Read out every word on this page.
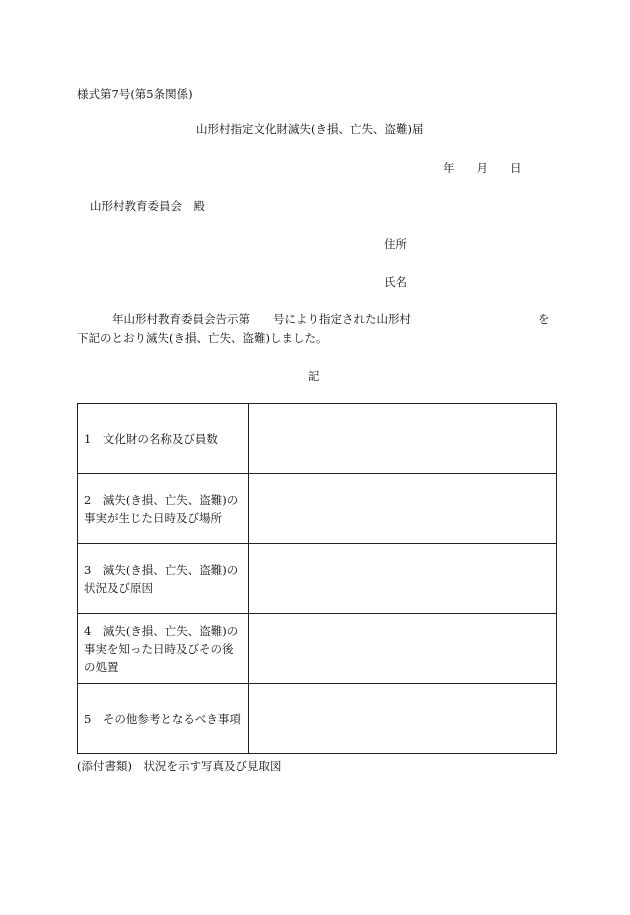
様式第7号(第5条関係)
山形村指定文化財滅失(き損、亡失、盗難)届
年 月 日
山形村教育委員会　殿
住所
氏名
年山形村教育委員会告示第　　号により指定された山形村	を
下記のとおり滅失(き損、亡失、盗難)しました。
記
1　文化財の名称及び員数	
2　滅失(き損、亡失、盗難)の事実が生じた日時及び場所	
3　滅失(き損、亡失、盗難)の状況及び原因	
4　滅失(き損、亡失、盗難)の事実を知った日時及びその後の処置	
5　その他参考となるべき事項	
(添付書類)　状況を示す写真及び見取図
